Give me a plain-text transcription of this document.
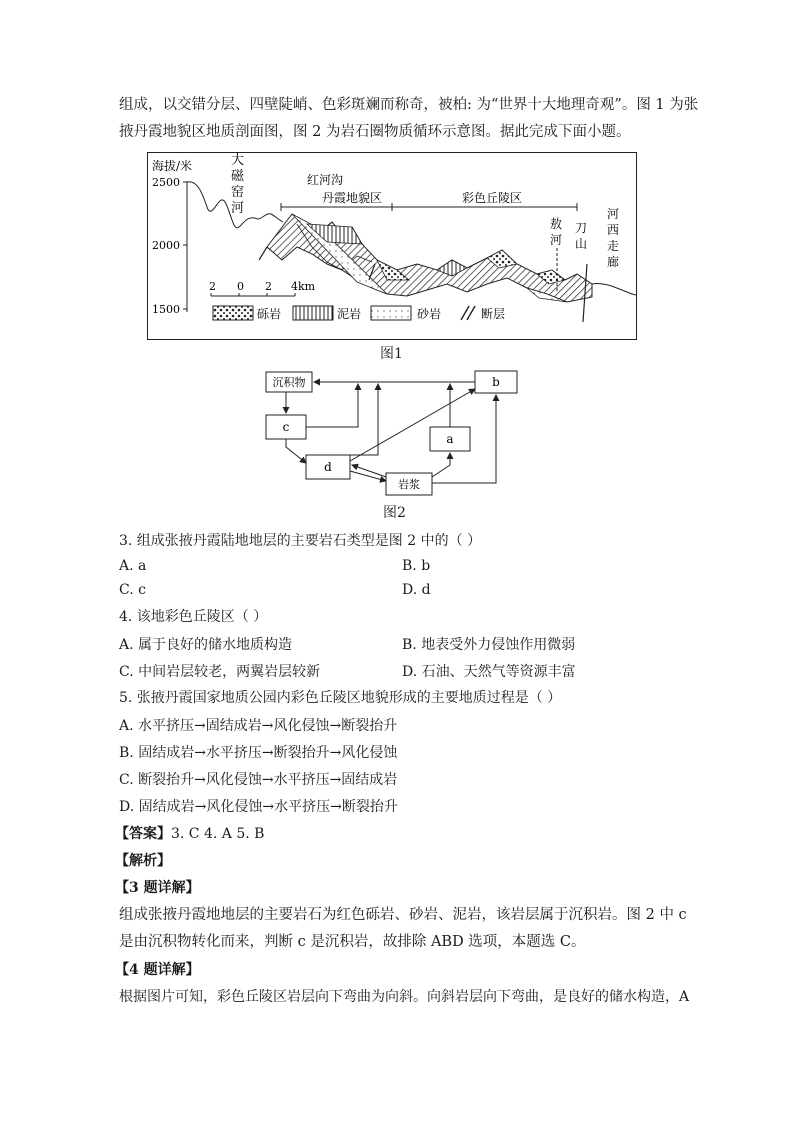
组成，以交错分层、四壁陡峭、色彩斑斓而称奇，被柏: 为“世界十大地理奇观”。图 1 为张
掖丹霞地貌区地质剖面图，图 2 为岩石圈物质循环示意图。据此完成下面小题。
海拔/米
2500
2000
1500
大
磁
窑
河
红河沟
丹霞地貌区	彩色丘陵区
敖
河
刀
山
河
西
走
廊
2 0 2 4km
砾岩	泥岩	砂岩	断层
图1
沉积物	b
c
a
d
岩浆
图2
3. 组成张掖丹霞陆地地层的主要岩石类型是图 2 中的（ ）
A. a	B. b
C. c	D. d
4. 该地彩色丘陵区（ ）
A. 属于良好的储水地质构造	B. 地表受外力侵蚀作用微弱
C. 中间岩层较老，两翼岩层较新	D. 石油、天然气等资源丰富
5. 张掖丹霞国家地质公园内彩色丘陵区地貌形成的主要地质过程是（ ）
A. 水平挤压→固结成岩→风化侵蚀→断裂抬升
B. 固结成岩→水平挤压→断裂抬升→风化侵蚀
C. 断裂抬升→风化侵蚀→水平挤压→固结成岩
D. 固结成岩→风化侵蚀→水平挤压→断裂抬升
【答案】3. C 4. A 5. B
【解析】
【3 题详解】
组成张掖丹霞地地层的主要岩石为红色砾岩、砂岩、泥岩，该岩层属于沉积岩。图 2 中 c 是由沉积物转化而来，判断 c 是沉积岩，故排除 ABD 选项，本题选 C。
【4 题详解】
根据图片可知，彩色丘陵区岩层向下弯曲为向斜。向斜岩层向下弯曲，是良好的储水构造，A
